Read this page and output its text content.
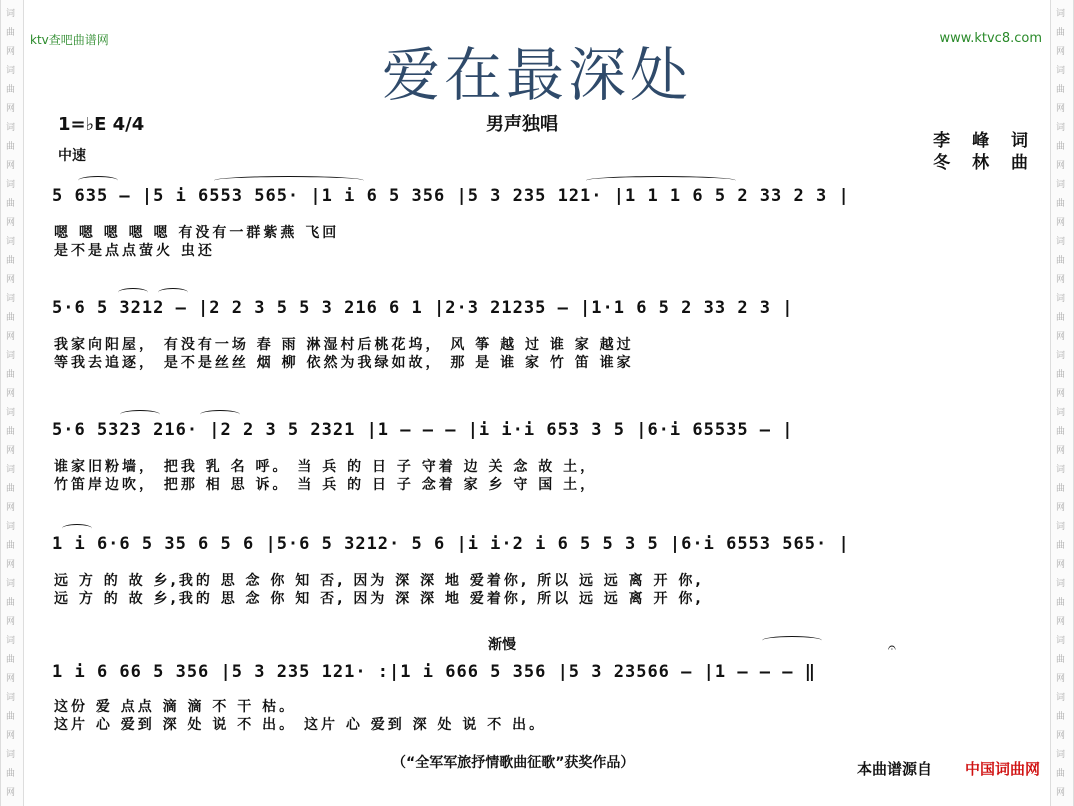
词
曲
网
词
曲
网
词
曲
网
词
曲
网
词
曲
网
词
曲
网
词
曲
网
词
曲
网
词
曲
网
词
曲
网
词
曲
网
词
曲
网
词
曲
网
词
曲
网
词
曲
网
词
曲
网
词
曲
网
词
曲
网
词
曲
网
词
曲
网
词
曲
网
词
曲
网
词
曲
网
词
曲
网
词
曲
网
词
曲
网
词
曲
网
词
曲
网
ktv查吧曲谱网	www.ktvc8.com
爱在最深处
男声独唱
1=♭E 4/4
中速
李 峰 词
冬 林 曲
5 635 – |5 i 6553 565· |1 i 6 5 356 |5 3 235 121· |1 1 1 6 5 2 33 2 3 |
嗯 嗯 嗯 嗯 嗯 有没有一群紫燕 飞回
是不是点点萤火 虫还
5·6 5 3212 – |2 2 3 5 5 3 216 6 1 |2·3 21235 – |1·1 6 5 2 33 2 3 |
我家向阳屋， 有没有一场 春 雨 淋湿村后桃花坞， 风 筝 越 过 谁 家 越过
等我去追逐， 是不是丝丝 烟 柳 依然为我绿如故， 那 是 谁 家 竹 笛 谁家
5·6 5323 216· |2 2 3 5 2321 |1 – – – |i i·i 653 3 5 |6·i 65535 – |
谁家旧粉墙， 把我 乳 名 呼。 当 兵 的 日 子 守着 边 关 念 故 土，
竹笛岸边吹， 把那 相 思 诉。 当 兵 的 日 子 念着 家 乡 守 国 土，
1 i 6·6 5 35 6 5 6 |5·6 5 3212· 5 6 |i i·2 i 6 5 5 3 5 |6·i 6553 565· |
远 方 的 故 乡,我的 思 念 你 知 否, 因为 深 深 地 爱着你, 所以 远 远 离 开 你,
远 方 的 故 乡,我的 思 念 你 知 否, 因为 深 深 地 爱着你, 所以 远 远 离 开 你,
渐慢	𝄐
1 i 6 66 5 356 |5 3 235 121· :|1 i 666 5 356 |5 3 23566 – |1 – – – ‖
这份 爱 点点 滴 滴 不 干 枯。
这片 心 爱到 深 处 说 不 出。 这片 心 爱到 深 处 说 不 出。
（“全军军旅抒情歌曲征歌”获奖作品）	本曲谱源自 中国词曲网
